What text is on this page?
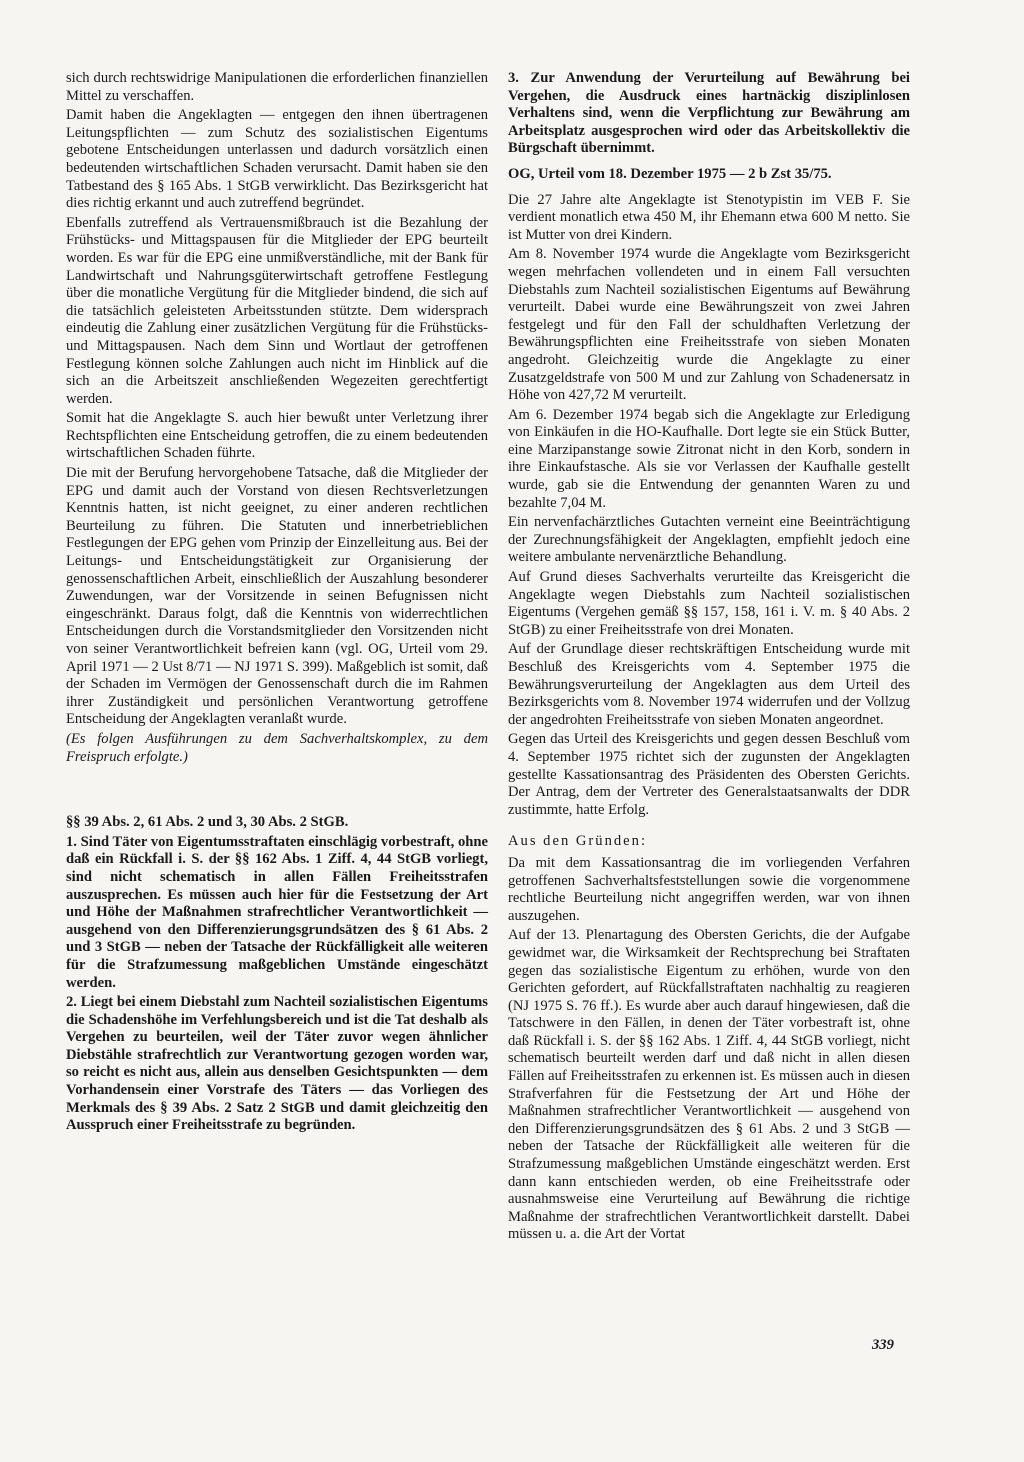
sich durch rechtswidrige Manipulationen die erforderlichen finanziellen Mittel zu verschaffen.

Damit haben die Angeklagten — entgegen den ihnen übertragenen Leitungspflichten — zum Schutz des sozialistischen Eigentums gebotene Entscheidungen unterlassen und dadurch vorsätzlich einen bedeutenden wirtschaftlichen Schaden verursacht. Damit haben sie den Tatbestand des § 165 Abs. 1 StGB verwirklicht. Das Bezirksgericht hat dies richtig erkannt und auch zutreffend begründet.

Ebenfalls zutreffend als Vertrauensmißbrauch ist die Bezahlung der Frühstücks- und Mittagspausen für die Mitglieder der EPG beurteilt worden. Es war für die EPG eine unmißverständliche, mit der Bank für Landwirtschaft und Nahrungsgüterwirtschaft getroffene Festlegung über die monatliche Vergütung für die Mitglieder bindend, die sich auf die tatsächlich geleisteten Arbeitsstunden stützte. Dem widersprach eindeutig die Zahlung einer zusätzlichen Vergütung für die Frühstücks- und Mittagspausen. Nach dem Sinn und Wortlaut der getroffenen Festlegung können solche Zahlungen auch nicht im Hinblick auf die sich an die Arbeitszeit anschließenden Wegezeiten gerechtfertigt werden.

Somit hat die Angeklagte S. auch hier bewußt unter Verletzung ihrer Rechtspflichten eine Entscheidung getroffen, die zu einem bedeutenden wirtschaftlichen Schaden führte.

Die mit der Berufung hervorgehobene Tatsache, daß die Mitglieder der EPG und damit auch der Vorstand von diesen Rechtsverletzungen Kenntnis hatten, ist nicht geeignet, zu einer anderen rechtlichen Beurteilung zu führen. Die Statuten und innerbetrieblichen Festlegungen der EPG gehen vom Prinzip der Einzelleitung aus. Bei der Leitungs- und Entscheidungstätigkeit zur Organisierung der genossenschaftlichen Arbeit, einschließlich der Auszahlung besonderer Zuwendungen, war der Vorsitzende in seinen Befugnissen nicht eingeschränkt. Daraus folgt, daß die Kenntnis von widerrechtlichen Entscheidungen durch die Vorstandsmitglieder den Vorsitzenden nicht von seiner Verantwortlichkeit befreien kann (vgl. OG, Urteil vom 29. April 1971 — 2 Ust 8/71 — NJ 1971 S. 399). Maßgeblich ist somit, daß der Schaden im Vermögen der Genossenschaft durch die im Rahmen ihrer Zuständigkeit und persönlichen Verantwortung getroffene Entscheidung der Angeklagten veranlaßt wurde.

(Es folgen Ausführungen zu dem Sachverhaltskomplex, zu dem Freispruch erfolgte.)

§§ 39 Abs. 2, 61 Abs. 2 und 3, 30 Abs. 2 StGB.

1. Sind Täter von Eigentumsstraftaten einschlägig vorbestraft, ohne daß ein Rückfall i. S. der §§ 162 Abs. 1 Ziff. 4, 44 StGB vorliegt, sind nicht schematisch in allen Fällen Freiheitsstrafen auszusprechen. Es müssen auch hier für die Festsetzung der Art und Höhe der Maßnahmen strafrechtlicher Verantwortlichkeit — ausgehend von den Differenzierungsgrundsätzen des § 61 Abs. 2 und 3 StGB — neben der Tatsache der Rückfälligkeit alle weiteren für die Strafzumessung maßgeblichen Umstände eingeschätzt werden.

2. Liegt bei einem Diebstahl zum Nachteil sozialistischen Eigentums die Schadenshöhe im Verfehlungsbereich und ist die Tat deshalb als Vergehen zu beurteilen, weil der Täter zuvor wegen ähnlicher Diebstähle strafrechtlich zur Verantwortung gezogen worden war, so reicht es nicht aus, allein aus denselben Gesichtspunkten — dem Vorhandensein einer Vorstrafe des Täters — das Vorliegen des Merkmals des § 39 Abs. 2 Satz 2 StGB und damit gleichzeitig den Ausspruch einer Freiheitsstrafe zu begründen.

3. Zur Anwendung der Verurteilung auf Bewährung bei Vergehen, die Ausdruck eines hartnäckig disziplinlosen Verhaltens sind, wenn die Verpflichtung zur Bewährung am Arbeitsplatz ausgesprochen wird oder das Arbeitskollektiv die Bürgschaft übernimmt.

OG, Urteil vom 18. Dezember 1975 — 2 b Zst 35/75.

Die 27 Jahre alte Angeklagte ist Stenotypistin im VEB F. Sie verdient monatlich etwa 450 M, ihr Ehemann etwa 600 M netto. Sie ist Mutter von drei Kindern.

Am 8. November 1974 wurde die Angeklagte vom Bezirksgericht wegen mehrfachen vollendeten und in einem Fall versuchten Diebstahls zum Nachteil sozialistischen Eigentums auf Bewährung verurteilt. Dabei wurde eine Bewährungszeit von zwei Jahren festgelegt und für den Fall der schuldhaften Verletzung der Bewährungspflichten eine Freiheitsstrafe von sieben Monaten angedroht. Gleichzeitig wurde die Angeklagte zu einer Zusatzgeldstrafe von 500 M und zur Zahlung von Schadenersatz in Höhe von 427,72 M verurteilt.

Am 6. Dezember 1974 begab sich die Angeklagte zur Erledigung von Einkäufen in die HO-Kaufhalle. Dort legte sie ein Stück Butter, eine Marzipanstange sowie Zitronat nicht in den Korb, sondern in ihre Einkaufstasche. Als sie vor Verlassen der Kaufhalle gestellt wurde, gab sie die Entwendung der genannten Waren zu und bezahlte 7,04 M.

Ein nervenfachärztliches Gutachten verneint eine Beeinträchtigung der Zurechnungsfähigkeit der Angeklagten, empfiehlt jedoch eine weitere ambulante nervenärztliche Behandlung.

Auf Grund dieses Sachverhalts verurteilte das Kreisgericht die Angeklagte wegen Diebstahls zum Nachteil sozialistischen Eigentums (Vergehen gemäß §§ 157, 158, 161 i. V. m. § 40 Abs. 2 StGB) zu einer Freiheitsstrafe von drei Monaten.

Auf der Grundlage dieser rechtskräftigen Entscheidung wurde mit Beschluß des Kreisgerichts vom 4. September 1975 die Bewährungsverurteilung der Angeklagten aus dem Urteil des Bezirksgerichts vom 8. November 1974 widerrufen und der Vollzug der angedrohten Freiheitsstrafe von sieben Monaten angeordnet.

Gegen das Urteil des Kreisgerichts und gegen dessen Beschluß vom 4. September 1975 richtet sich der zugunsten der Angeklagten gestellte Kassationsantrag des Präsidenten des Obersten Gerichts. Der Antrag, dem der Vertreter des Generalstaatsanwalts der DDR zustimmte, hatte Erfolg.

Aus den Gründen:

Da mit dem Kassationsantrag die im vorliegenden Verfahren getroffenen Sachverhaltsfeststellungen sowie die vorgenommene rechtliche Beurteilung nicht angegriffen werden, war von ihnen auszugehen.

Auf der 13. Plenartagung des Obersten Gerichts, die der Aufgabe gewidmet war, die Wirksamkeit der Rechtsprechung bei Straftaten gegen das sozialistische Eigentum zu erhöhen, wurde von den Gerichten gefordert, auf Rückfallstraftaten nachhaltig zu reagieren (NJ 1975 S. 76 ff.). Es wurde aber auch darauf hingewiesen, daß die Tatschwere in den Fällen, in denen der Täter vorbestraft ist, ohne daß Rückfall i. S. der §§ 162 Abs. 1 Ziff. 4, 44 StGB vorliegt, nicht schematisch beurteilt werden darf und daß nicht in allen diesen Fällen auf Freiheitsstrafen zu erkennen ist. Es müssen auch in diesen Strafverfahren für die Festsetzung der Art und Höhe der Maßnahmen strafrechtlicher Verantwortlichkeit — ausgehend von den Differenzierungsgrundsätzen des § 61 Abs. 2 und 3 StGB — neben der Tatsache der Rückfälligkeit alle weiteren für die Strafzumessung maßgeblichen Umstände eingeschätzt werden. Erst dann kann entschieden werden, ob eine Freiheitsstrafe oder ausnahmsweise eine Verurteilung auf Bewährung die richtige Maßnahme der strafrechtlichen Verantwortlichkeit darstellt. Dabei müssen u. a. die Art der Vortat

339
